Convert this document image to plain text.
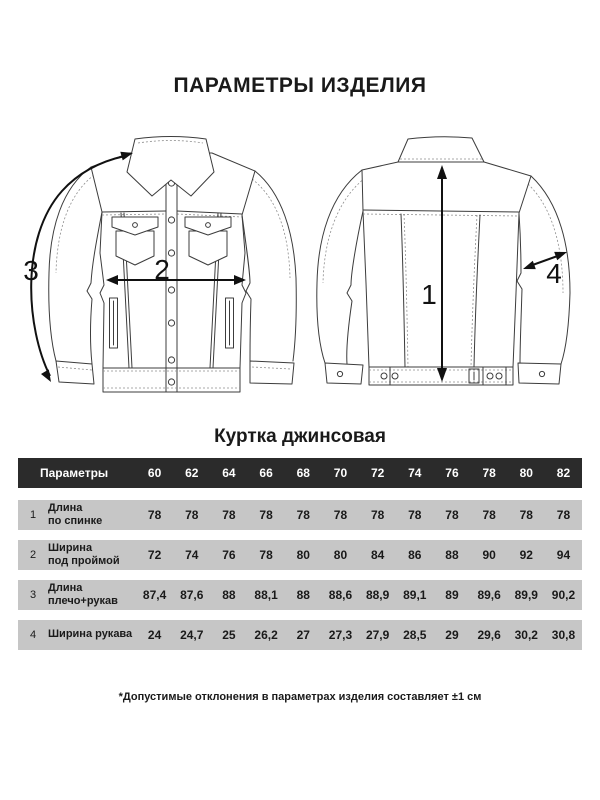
ПАРАМЕТРЫ ИЗДЕЛИЯ
1
2
3	4
Куртка джинсовая
Параметры	60	62	64	66	68	70	72	74	76	78	80	82
1
Длина
по спинке	78	78	78	78	78	78	78	78	78	78	78	78
2
Ширина
под проймой	72	74	76	78	80	80	84	86	88	90	92	94
3
Длина
плечо+рукав	87,4	87,6	88	88,1	88	88,6	88,9	89,1	89	89,6	89,9	90,2
4	Ширина рукава	24	24,7	25	26,2	27	27,3	27,9	28,5	29	29,6	30,2	30,8
*Допустимые отклонения в параметрах изделия составляет ±1 см
